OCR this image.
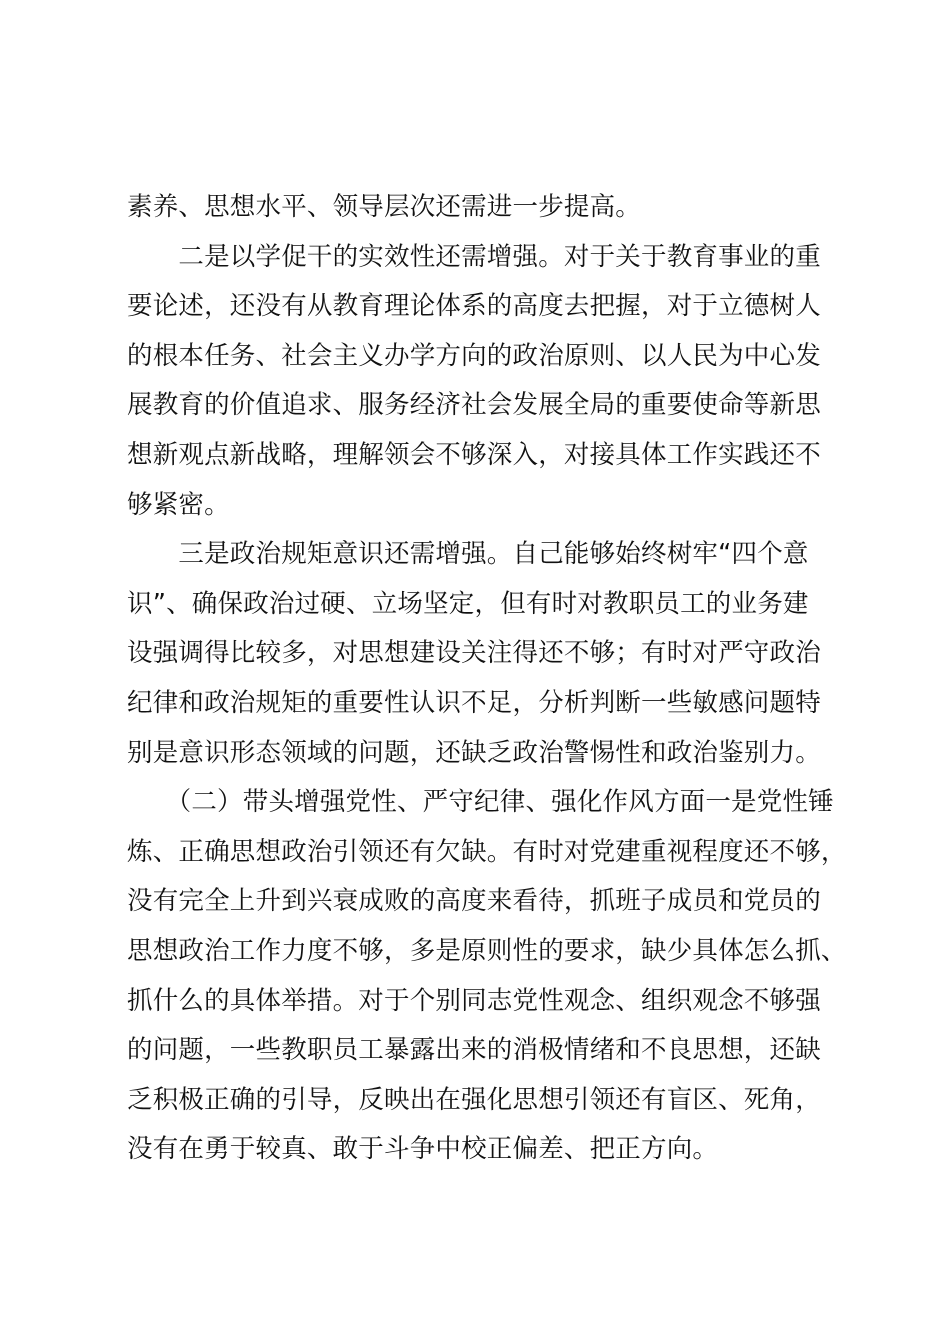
素养、思想水平、领导层次还需进一步提高。
　　二是以学促干的实效性还需增强。对于关于教育事业的重
要论述，还没有从教育理论体系的高度去把握，对于立德树人
的根本任务、社会主义办学方向的政治原则、以人民为中心发
展教育的价值追求、服务经济社会发展全局的重要使命等新思
想新观点新战略，理解领会不够深入，对接具体工作实践还不
够紧密。
　　三是政治规矩意识还需增强。自己能够始终树牢“四个意
识”、确保政治过硬、立场坚定，但有时对教职员工的业务建
设强调得比较多，对思想建设关注得还不够；有时对严守政治
纪律和政治规矩的重要性认识不足，分析判断一些敏感问题特
别是意识形态领域的问题，还缺乏政治警惕性和政治鉴别力。
　　（二）带头增强党性、严守纪律、强化作风方面一是党性锤
炼、正确思想政治引领还有欠缺。有时对党建重视程度还不够，
没有完全上升到兴衰成败的高度来看待，抓班子成员和党员的
思想政治工作力度不够，多是原则性的要求，缺少具体怎么抓、
抓什么的具体举措。对于个别同志党性观念、组织观念不够强
的问题，一些教职员工暴露出来的消极情绪和不良思想，还缺
乏积极正确的引导，反映出在强化思想引领还有盲区、死角，
没有在勇于较真、敢于斗争中校正偏差、把正方向。
